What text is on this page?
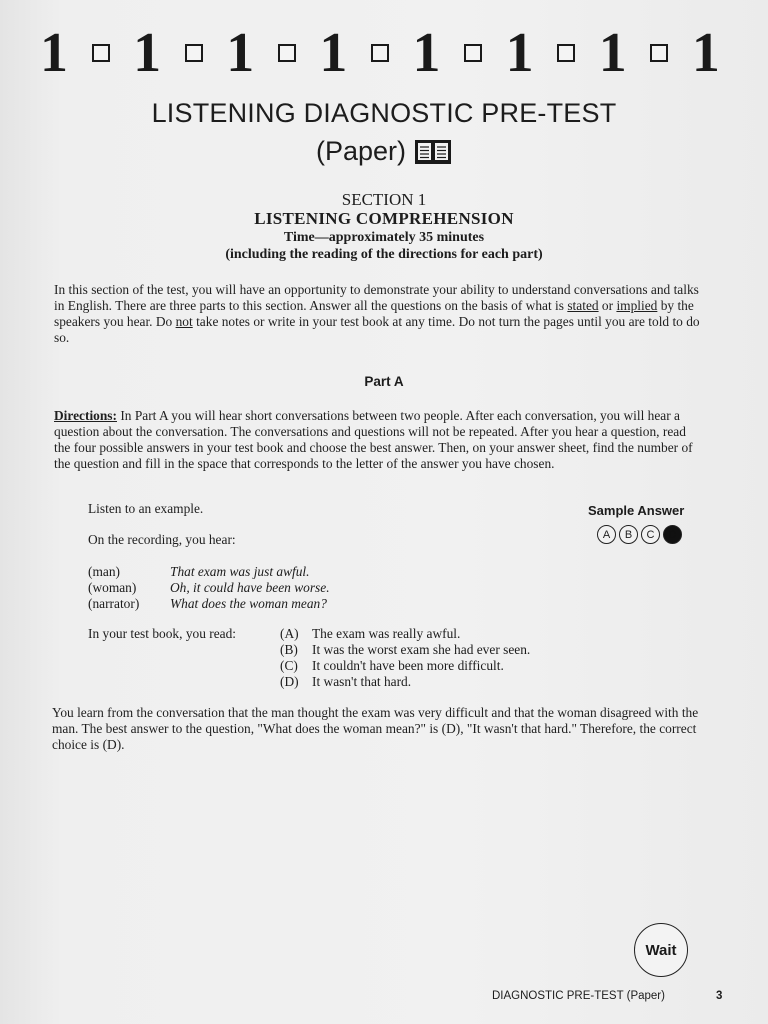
1 1 1 1 1 1 1 1
LISTENING DIAGNOSTIC PRE-TEST
(Paper)
SECTION 1
LISTENING COMPREHENSION
Time—approximately 35 minutes
(including the reading of the directions for each part)
In this section of the test, you will have an opportunity to demonstrate your ability to understand conversations and talks in English. There are three parts to this section. Answer all the questions on the basis of what is stated or implied by the speakers you hear. Do not take notes or write in your test book at any time. Do not turn the pages until you are told to do so.
Part A
Directions: In Part A you will hear short conversations between two people. After each conversation, you will hear a question about the conversation. The conversations and questions will not be repeated. After you hear a question, read the four possible answers in your test book and choose the best answer. Then, on your answer sheet, find the number of the question and fill in the space that corresponds to the letter of the answer you have chosen.
Listen to an example.
On the recording, you hear:
Sample Answer
A	B	C	D
(man)	That exam was just awful.
(woman)	Oh, it could have been worse.
(narrator)	What does the woman mean?
In your test book, you read:	(A)	The exam was really awful.
(B)	It was the worst exam she had ever seen.
(C)	It couldn't have been more difficult.
(D)	It wasn't that hard.
You learn from the conversation that the man thought the exam was very difficult and that the woman disagreed with the man. The best answer to the question, "What does the woman mean?" is (D), "It wasn't that hard." Therefore, the correct choice is (D).
Wait
DIAGNOSTIC PRE-TEST (Paper)	3
